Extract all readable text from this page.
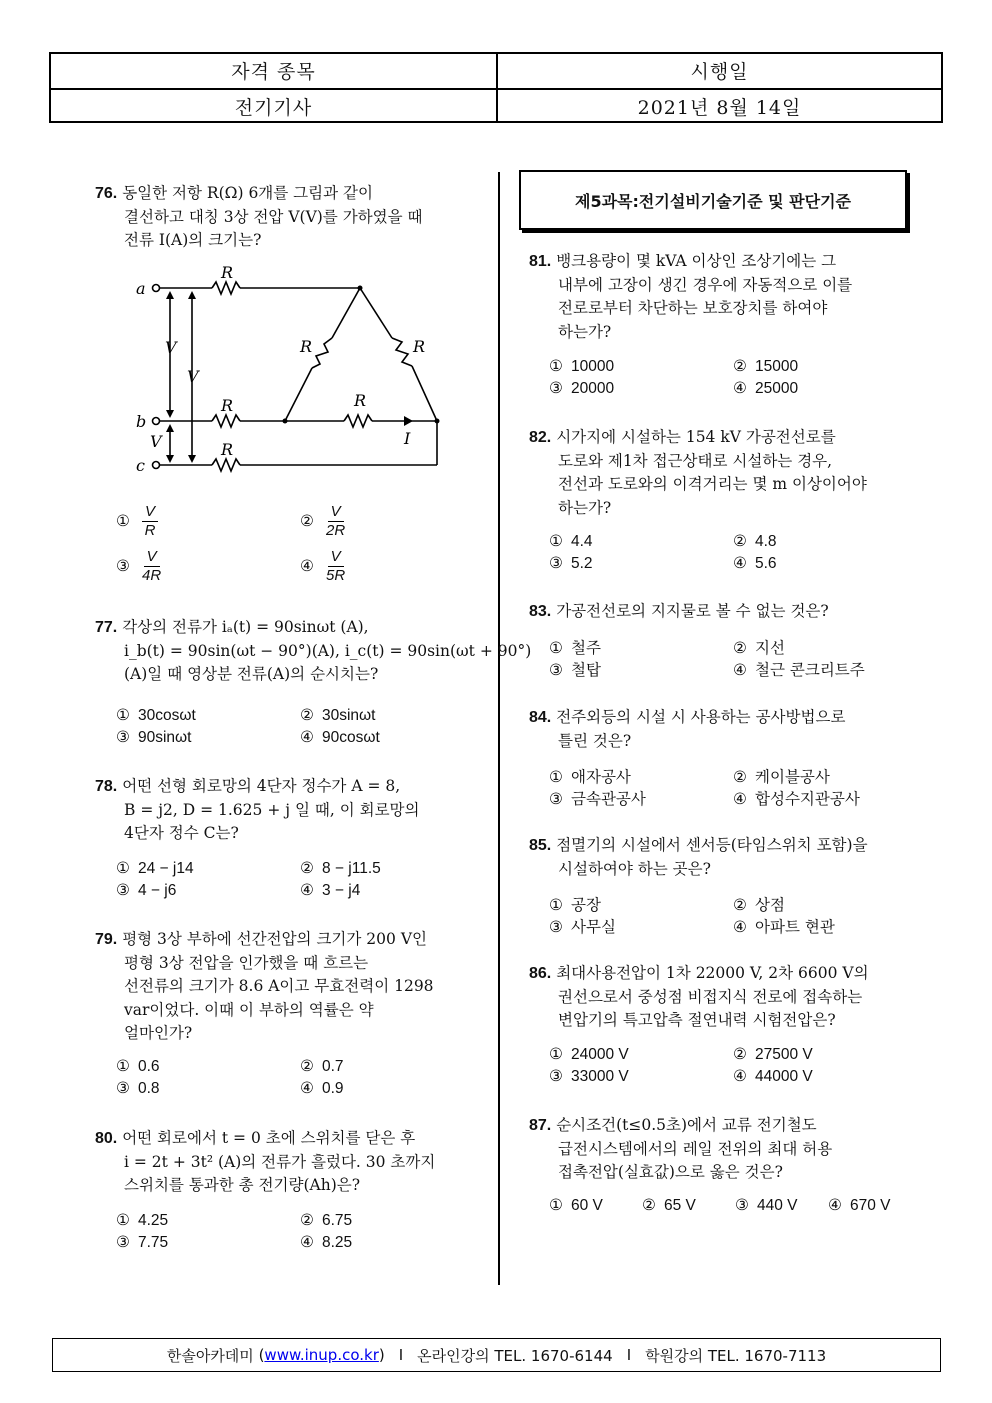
자격 종목	시행일
전기기사	2021년 8월 14일
76. 동일한 저항 R(Ω) 6개를 그림과 같이
결선하고 대칭 3상 전압 V(V)를 가하였을 때
전류 I(A)의 크기는?
a
b
c
R
R
R
R	R
R
V
V
V	I
① $\frac{V}{R}$	② $\frac{V}{2R}$
③ $\frac{V}{4R}$	④ $\frac{V}{5R}$
77. 각상의 전류가 iₐ(t) = 90sinωt (A),
i_b(t) = 90sin(ωt − 90°)(A), i_c(t) = 90sin(ωt + 90°)
(A)일 때 영상분 전류(A)의 순시치는?
① 30cosωt	② 30sinωt
③ 90sinωt	④ 90cosωt
78. 어떤 선형 회로망의 4단자 정수가 A = 8,
B = j2, D = 1.625 + j 일 때, 이 회로망의
4단자 정수 C는?
① 24 − j14	② 8 − j11.5
③ 4 − j6	④ 3 − j4
79. 평형 3상 부하에 선간전압의 크기가 200 V인
평형 3상 전압을 인가했을 때 흐르는
선전류의 크기가 8.6 A이고 무효전력이 1298
var이었다. 이때 이 부하의 역률은 약
얼마인가?
① 0.6	② 0.7
③ 0.8	④ 0.9
80. 어떤 회로에서 t = 0 초에 스위치를 닫은 후
i = 2t + 3t² (A)의 전류가 흘렀다. 30 초까지
스위치를 통과한 총 전기량(Ah)은?
① 4.25	② 6.75
③ 7.75	④ 8.25
제5과목:전기설비기술기준 및 판단기준
81. 뱅크용량이 몇 kVA 이상인 조상기에는 그
내부에 고장이 생긴 경우에 자동적으로 이를
전로로부터 차단하는 보호장치를 하여야
하는가?
① 10000	② 15000
③ 20000	④ 25000
82. 시가지에 시설하는 154 kV 가공전선로를
도로와 제1차 접근상태로 시설하는 경우,
전선과 도로와의 이격거리는 몇 m 이상이어야
하는가?
① 4.4	② 4.8
③ 5.2	④ 5.6
83. 가공전선로의 지지물로 볼 수 없는 것은?
① 철주	② 지선
③ 철탑	④ 철근 콘크리트주
84. 전주외등의 시설 시 사용하는 공사방법으로
틀린 것은?
① 애자공사	② 케이블공사
③ 금속관공사	④ 합성수지관공사
85. 점멸기의 시설에서 센서등(타임스위치 포함)을
시설하여야 하는 곳은?
① 공장	② 상점
③ 사무실	④ 아파트 현관
86. 최대사용전압이 1차 22000 V, 2차 6600 V의
권선으로서 중성점 비접지식 전로에 접속하는
변압기의 특고압측 절연내력 시험전압은?
① 24000 V	② 27500 V
③ 33000 V	④ 44000 V
87. 순시조건(t≤0.5초)에서 교류 전기철도
급전시스템에서의 레일 전위의 최대 허용
접촉전압(실효값)으로 옳은 것은?
① 60 V	② 65 V	③ 440 V ④ 670 V
한솔아카데미 ( www.inup.co.kr ) I 온라인강의 TEL. 1670-6144 I 학원강의 TEL. 1670-7113
